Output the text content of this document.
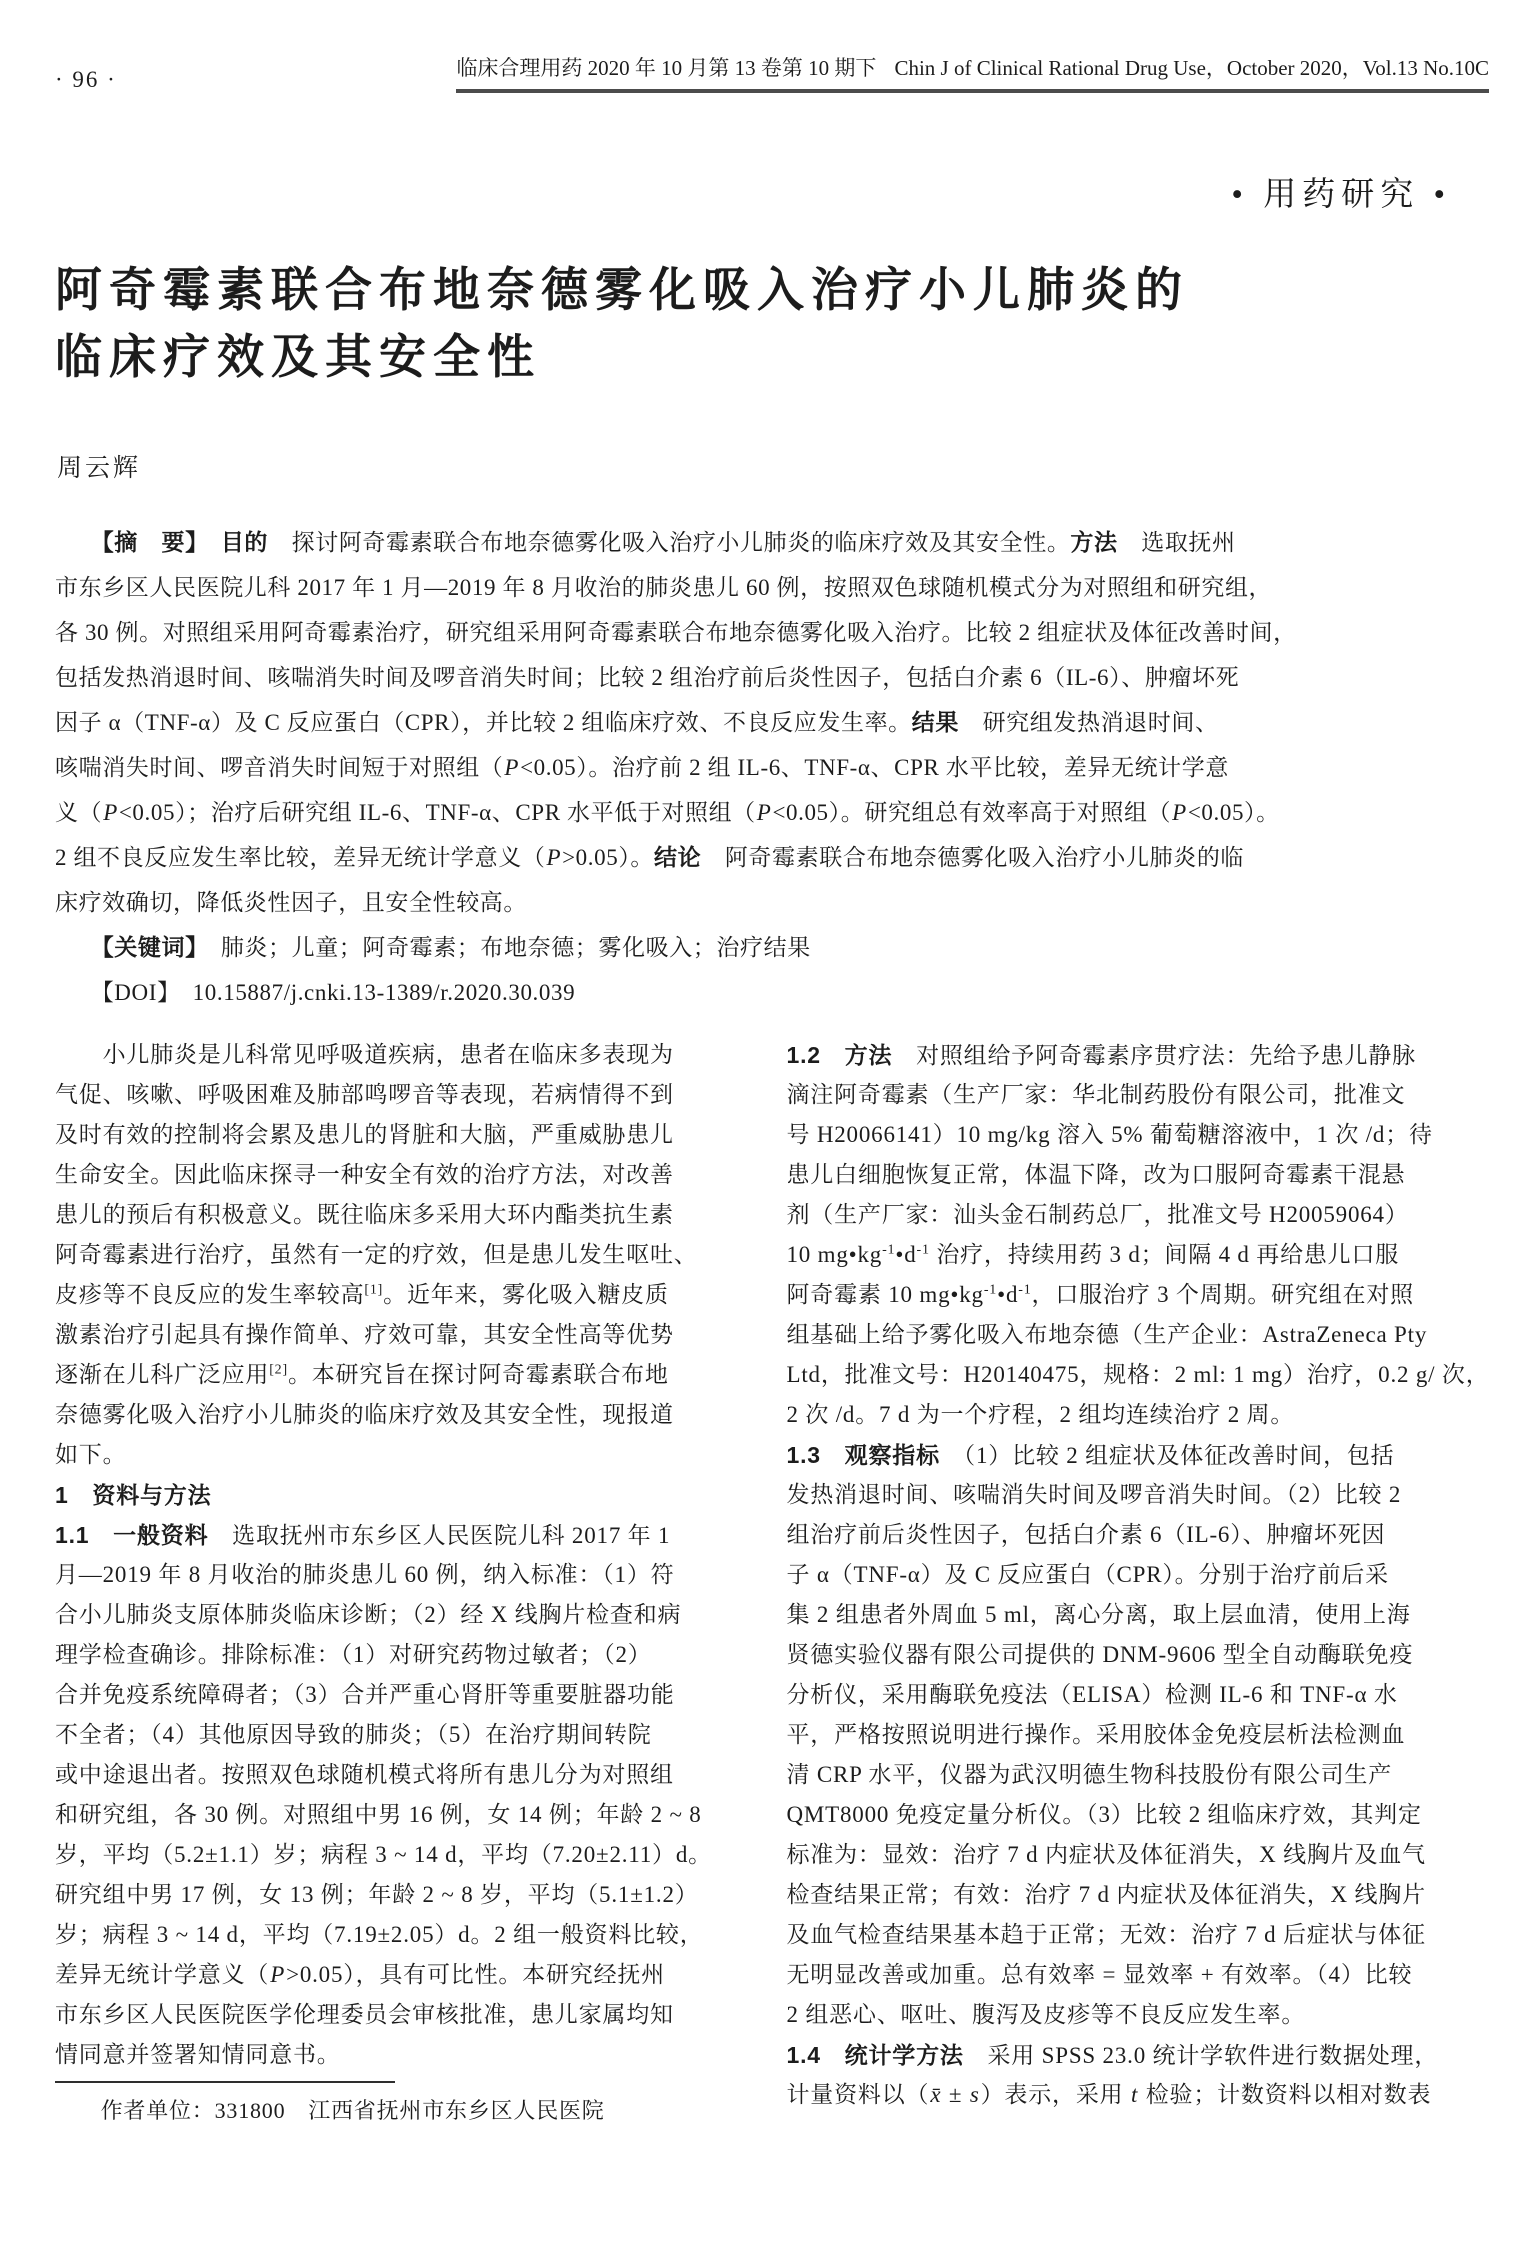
· 96 ·	临床合理用药 2020 年 10 月第 13 卷第 10 期下 Chin J of Clinical Rational Drug Use，October 2020，Vol.13 No.10C
• 用药研究 •
阿奇霉素联合布地奈德雾化吸入治疗小儿肺炎的
临床疗效及其安全性
周云辉
　　【摘　要】　 目的　探讨阿奇霉素联合布地奈德雾化吸入治疗小儿肺炎的临床疗效及其安全性。方法　选取抚州
市东乡区人民医院儿科 2017 年 1 月—2019 年 8 月收治的肺炎患儿 60 例，按照双色球随机模式分为对照组和研究组，
各 30 例。对照组采用阿奇霉素治疗，研究组采用阿奇霉素联合布地奈德雾化吸入治疗。比较 2 组症状及体征改善时间，
包括发热消退时间、咳喘消失时间及啰音消失时间；比较 2 组治疗前后炎性因子，包括白介素 6（IL-6）、肿瘤坏死
因子 α（TNF-α）及 C 反应蛋白（CPR），并比较 2 组临床疗效、不良反应发生率。结果　研究组发热消退时间、
咳喘消失时间、啰音消失时间短于对照组（P<0.05）。治疗前 2 组 IL-6、TNF-α、CPR 水平比较，差异无统计学意
义（P<0.05）；治疗后研究组 IL-6、TNF-α、CPR 水平低于对照组（P<0.05）。研究组总有效率高于对照组（P<0.05）。
2 组不良反应发生率比较，差异无统计学意义（P>0.05）。结论　阿奇霉素联合布地奈德雾化吸入治疗小儿肺炎的临
床疗效确切，降低炎性因子，且安全性较高。
　　【关键词】　 肺炎；儿童；阿奇霉素；布地奈德；雾化吸入；治疗结果
　　【DOI】　10.15887/j.cnki.13-1389/r.2020.30.039
　　小儿肺炎是儿科常见呼吸道疾病，患者在临床多表现为
气促、咳嗽、呼吸困难及肺部鸣啰音等表现，若病情得不到
及时有效的控制将会累及患儿的肾脏和大脑，严重威胁患儿
生命安全。因此临床探寻一种安全有效的治疗方法，对改善
患儿的预后有积极意义。既往临床多采用大环内酯类抗生素
阿奇霉素进行治疗，虽然有一定的疗效，但是患儿发生呕吐、
皮疹等不良反应的发生率较高[1]。近年来，雾化吸入糖皮质
激素治疗引起具有操作简单、疗效可靠，其安全性高等优势
逐渐在儿科广泛应用[2]。本研究旨在探讨阿奇霉素联合布地
奈德雾化吸入治疗小儿肺炎的临床疗效及其安全性，现报道
如下。
1　资料与方法
1.1　一般资料　选取抚州市东乡区人民医院儿科 2017 年 1
月—2019 年 8 月收治的肺炎患儿 60 例，纳入标准：（1）符
合小儿肺炎支原体肺炎临床诊断；（2）经 X 线胸片检查和病
理学检查确诊。排除标准：（1）对研究药物过敏者；（2）
合并免疫系统障碍者；（3）合并严重心肾肝等重要脏器功能
不全者；（4）其他原因导致的肺炎；（5）在治疗期间转院
或中途退出者。按照双色球随机模式将所有患儿分为对照组
和研究组，各 30 例。对照组中男 16 例，女 14 例；年龄 2 ~ 8
岁，平均（5.2±1.1）岁；病程 3 ~ 14 d，平均（7.20±2.11）d。
研究组中男 17 例，女 13 例；年龄 2 ~ 8 岁，平均（5.1±1.2）
岁；病程 3 ~ 14 d，平均（7.19±2.05）d。2 组一般资料比较，
差异无统计学意义（P>0.05），具有可比性。本研究经抚州
市东乡区人民医院医学伦理委员会审核批准，患儿家属均知
情同意并签署知情同意书。
　　作者单位：331800　江西省抚州市东乡区人民医院
1.2　方法　对照组给予阿奇霉素序贯疗法：先给予患儿静脉
滴注阿奇霉素（生产厂家：华北制药股份有限公司，批准文
号 H20066141）10 mg/kg 溶入 5% 葡萄糖溶液中，1 次 /d；待
患儿白细胞恢复正常，体温下降，改为口服阿奇霉素干混悬
剂（生产厂家：汕头金石制药总厂，批准文号 H20059064）
10 $mg•kg^{-1}•d^{-1}$ 治疗，持续用药 3 d；间隔 4 d 再给患儿口服
阿奇霉素 10 $mg•kg^{-1}•d^{-1}$，口服治疗 3 个周期。研究组在对照
组基础上给予雾化吸入布地奈德（生产企业：AstraZeneca Pty
Ltd，批准文号：H20140475，规格：2 ml: 1 mg）治疗，0.2 g/ 次，
2 次 /d。7 d 为一个疗程，2 组均连续治疗 2 周。
1.3　观察指标　（1）比较 2 组症状及体征改善时间，包括
发热消退时间、咳喘消失时间及啰音消失时间。（2）比较 2
组治疗前后炎性因子，包括白介素 6（IL-6）、肿瘤坏死因
子 α（TNF-α）及 C 反应蛋白（CPR）。分别于治疗前后采
集 2 组患者外周血 5 ml，离心分离，取上层血清，使用上海
贤德实验仪器有限公司提供的 DNM-9606 型全自动酶联免疫
分析仪，采用酶联免疫法（ELISA）检测 IL-6 和 TNF-α 水
平，严格按照说明进行操作。采用胶体金免疫层析法检测血
清 CRP 水平，仪器为武汉明德生物科技股份有限公司生产
QMT8000 免疫定量分析仪。（3）比较 2 组临床疗效，其判定
标准为：显效：治疗 7 d 内症状及体征消失，X 线胸片及血气
检查结果正常；有效：治疗 7 d 内症状及体征消失，X 线胸片
及血气检查结果基本趋于正常；无效：治疗 7 d 后症状与体征
无明显改善或加重。总有效率 = 显效率 + 有效率。（4）比较
2 组恶心、呕吐、腹泻及皮疹等不良反应发生率。
1.4　统计学方法　采用 SPSS 23.0 统计学软件进行数据处理，
计量资料以（x̄ ± s）表示，采用 t 检验；计数资料以相对数表
